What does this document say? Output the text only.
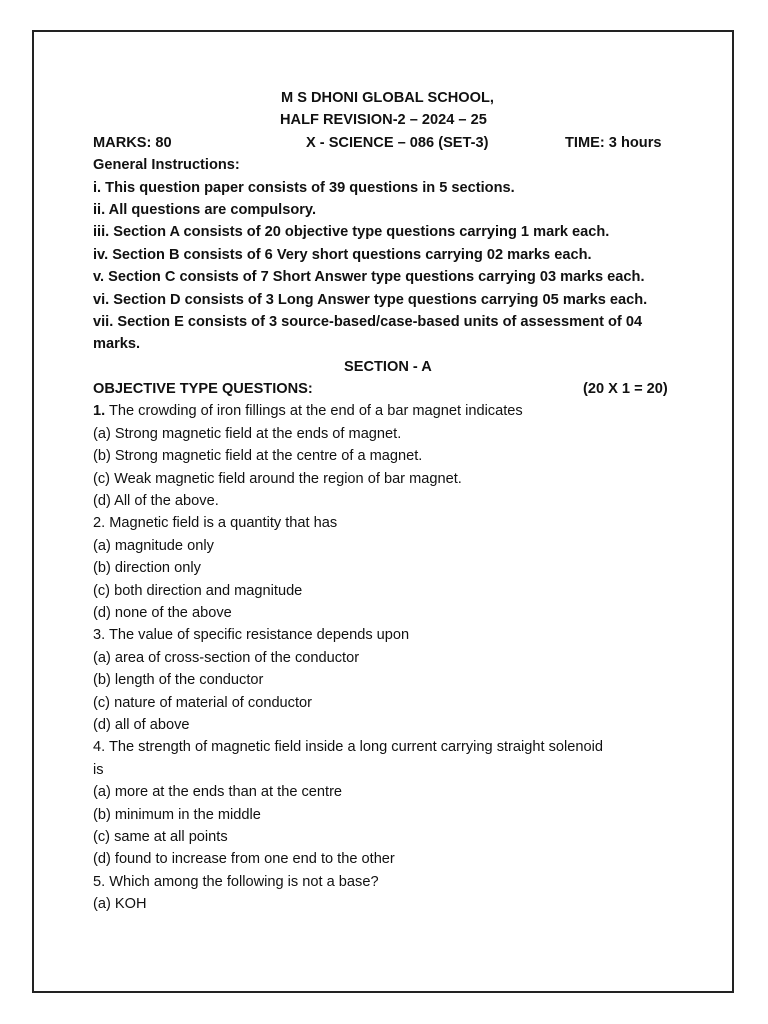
M S DHONI GLOBAL SCHOOL,
HALF REVISION-2 – 2024 – 25
MARKS: 80	X - SCIENCE – 086 (SET-3)	TIME: 3 hours
General Instructions:
i. This question paper consists of 39 questions in 5 sections.
ii. All questions are compulsory.
iii. Section A consists of 20 objective type questions carrying 1 mark each.
iv. Section B consists of 6 Very short questions carrying 02 marks each.
v. Section C consists of 7 Short Answer type questions carrying 03 marks each.
vi. Section D consists of 3 Long Answer type questions carrying 05 marks each.
vii. Section E consists of 3 source-based/case-based units of assessment of 04
marks.
SECTION - A
OBJECTIVE TYPE QUESTIONS:	(20 X 1 = 20)
1. The crowding of iron fillings at the end of a bar magnet indicates
(a) Strong magnetic field at the ends of magnet.
(b) Strong magnetic field at the centre of a magnet.
(c) Weak magnetic field around the region of bar magnet.
(d) All of the above.
2. Magnetic field is a quantity that has
(a) magnitude only
(b) direction only
(c) both direction and magnitude
(d) none of the above
3. The value of specific resistance depends upon
(a) area of cross-section of the conductor
(b) length of the conductor
(c) nature of material of conductor
(d) all of above
4. The strength of magnetic field inside a long current carrying straight solenoid
is
(a) more at the ends than at the centre
(b) minimum in the middle
(c) same at all points
(d) found to increase from one end to the other
5. Which among the following is not a base?
(a) KOH
